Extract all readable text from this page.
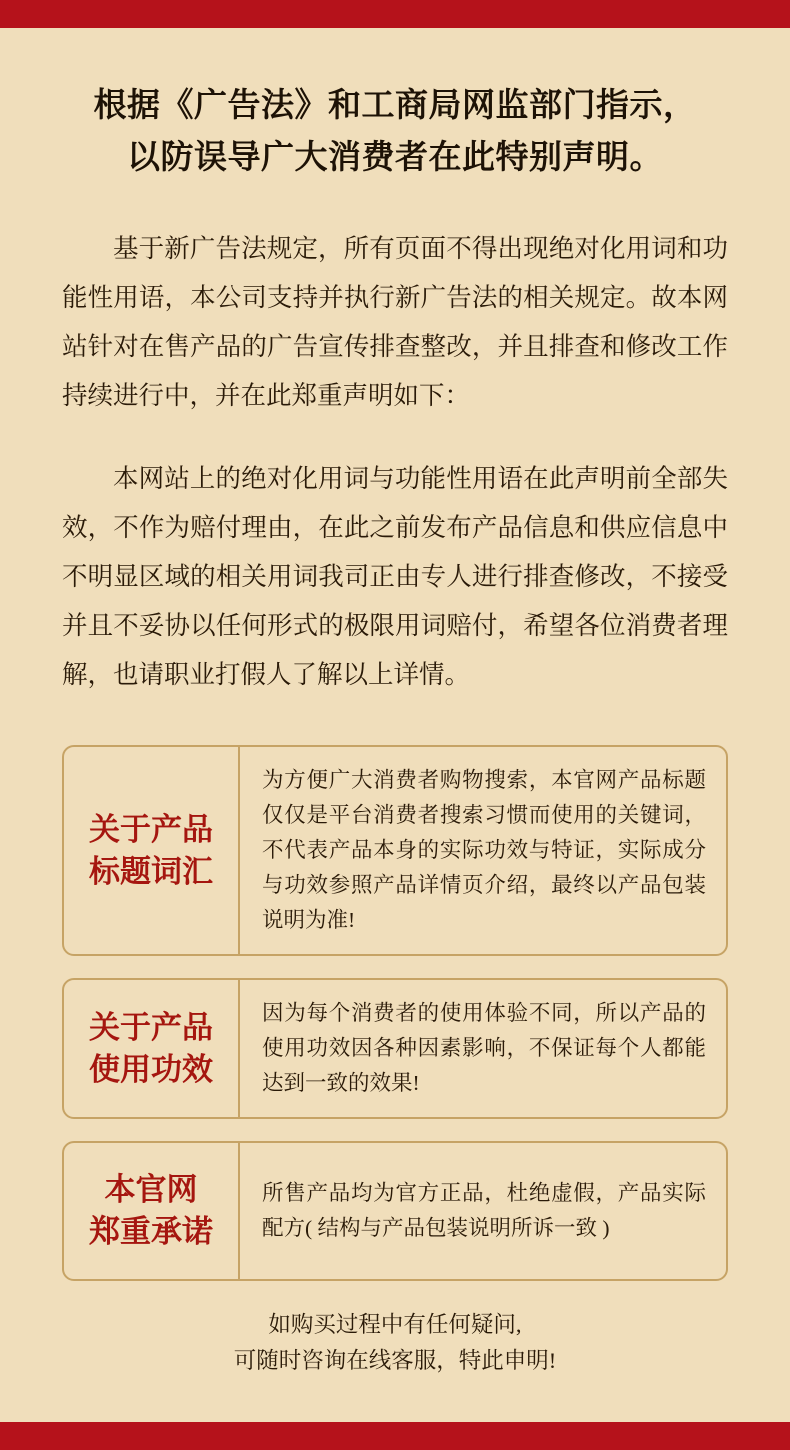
根据《广告法》和工商局网监部门指示，
以防误导广大消费者在此特别声明。

基于新广告法规定，所有页面不得出现绝对化用词和功能性用语，本公司支持并执行新广告法的相关规定。故本网站针对在售产品的广告宣传排查整改，并且排查和修改工作持续进行中，并在此郑重声明如下：

本网站上的绝对化用词与功能性用语在此声明前全部失效，不作为赔付理由，在此之前发布产品信息和供应信息中不明显区域的相关用词我司正由专人进行排查修改，不接受并且不妥协以任何形式的极限用词赔付，希望各位消费者理解，也请职业打假人了解以上详情。

关于产品
标题词汇
为方便广大消费者购物搜索，本官网产品标题仅仅是平台消费者搜索习惯而使用的关键词，不代表产品本身的实际功效与特证，实际成分与功效参照产品详情页介绍，最终以产品包装说明为准!
关于产品
使用功效
因为每个消费者的使用体验不同，所以产品的使用功效因各种因素影响，不保证每个人都能达到一致的效果!
本官网
郑重承诺
所售产品均为官方正品，杜绝虚假，产品实际配方( 结构与产品包装说明所诉一致 )
如购买过程中有任何疑问,
可随时咨询在线客服，特此申明!
